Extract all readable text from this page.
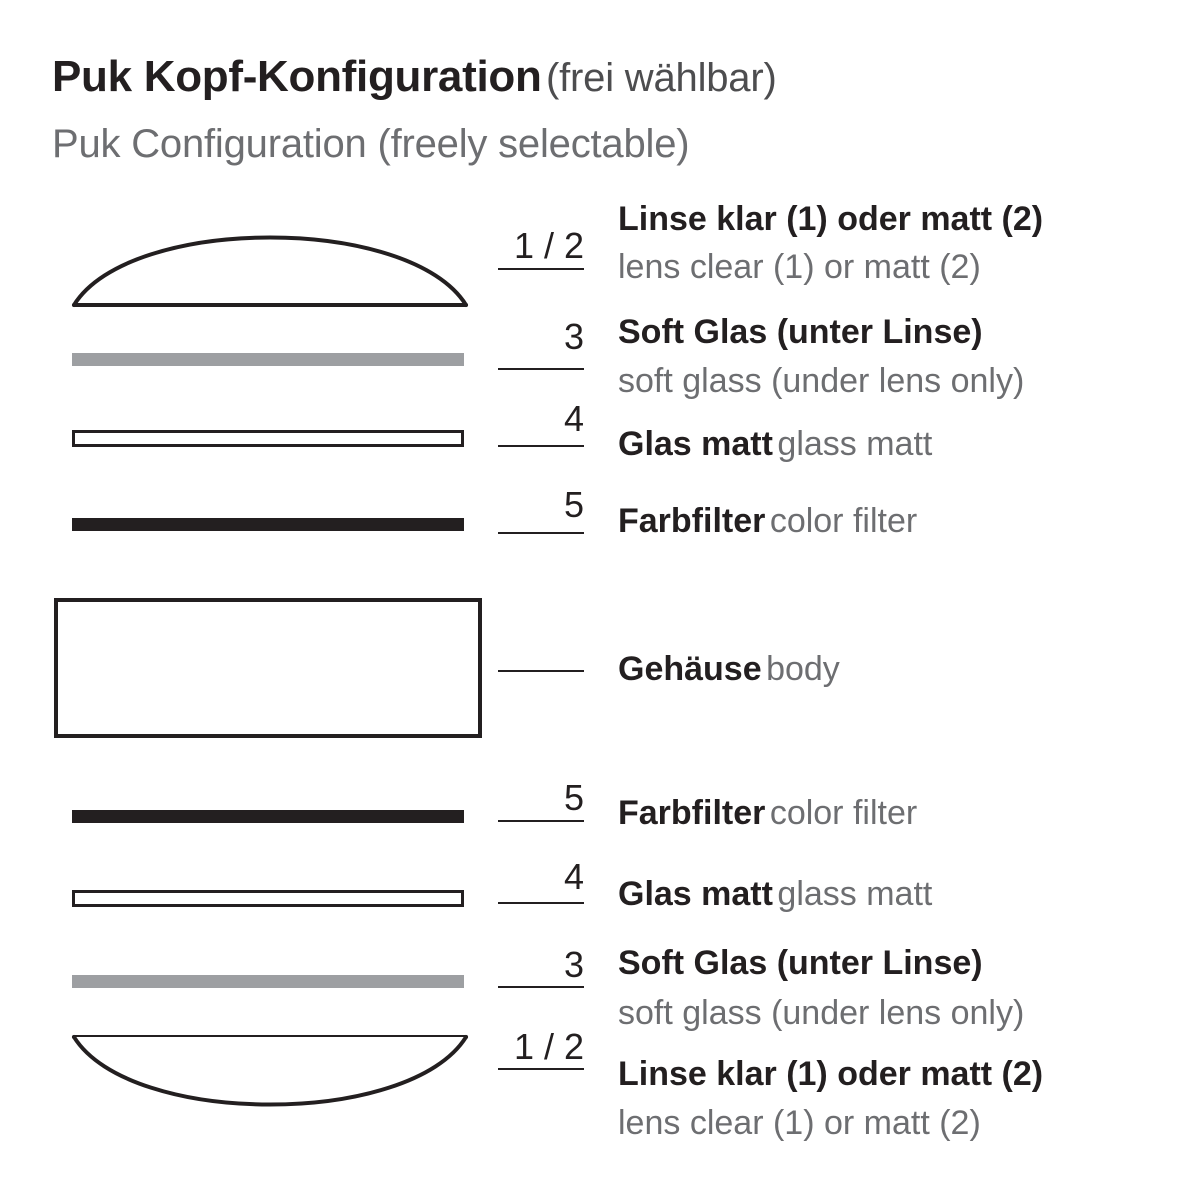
Puk Kopf-Konfiguration (frei wählbar)
Puk Configuration (freely selectable)
1 / 2
Linse klar (1) oder matt (2)
lens clear (1) or matt (2)
3 Soft Glas (unter Linse)
soft glass (under lens only)
4
Glas matt glass matt
5 Farbfilter color filter
Gehäuse body
5 Farbfilter color filter
4 Glas matt glass matt
3 Soft Glas (unter Linse)
soft glass (under lens only)
1 / 2
Linse klar (1) oder matt (2)
lens clear (1) or matt (2)
